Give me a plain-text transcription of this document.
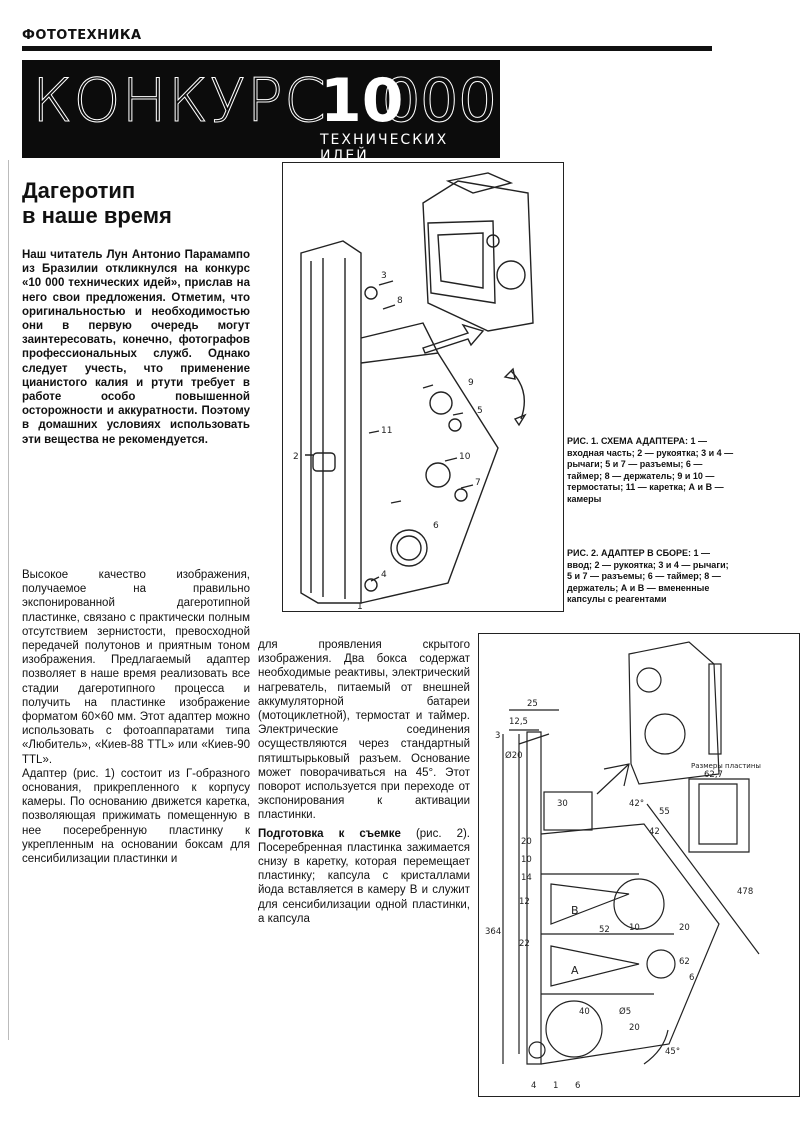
ФОТОТЕХНИКА
КОНКУРС
10
000
ТЕХНИЧЕСКИХ ИДЕЙ
Дагеротип
в наше время

Наш читатель Лун Антонио Парамампо из Бразилии откликнулся на конкурс «10 000 технических идей», прислав на него свои предложения. Отметим, что оригинальностью и необходимостью они в первую очередь могут заинтересовать, конечно, фотографов профессиональных служб. Однако следует учесть, что применение цианистого калия и ртути требует в работе особо повышенной осторожности и аккуратности. Поэтому в домашних условиях использовать эти вещества не рекомендуется.

Высокое качество изображения, получаемое на правильно экспонированной дагеротипной пластинке, связано с практически полным отсутствием зернистости, превосходной передачей полутонов и приятным тоном изображения. Предлагаемый адаптер позволяет в наше время реализовать все стадии дагеротипного процесса и получить на пластинке изображение форматом 60×60 мм. Этот адаптер можно использовать с фотоаппаратами типа «Любитель», «Киев-88 TTL» или «Киев-90 TTL».
Адаптер (рис. 1) состоит из Г-образного основания, прикрепленного к корпусу камеры. По основанию движется каретка, позволяющая прижимать помещенную в нее посеребренную пластинку к укрепленным на основании боксам для сенсибилизации пластинки и

для проявления скрытого изображения. Два бокса содержат необходимые реактивы, электрический нагреватель, питаемый от внешней аккумуляторной батареи (мотоциклетной), термостат и таймер. Электрические соединения осуществляются через стандартный пятиштырьковый разъем. Основание может поворачиваться на 45°. Этот поворот используется при переходе от экспонирования к активации пластинки.

Подготовка к съемке (рис. 2). Посеребренная пластинка зажимается снизу в каретку, которая перемещает пластинку; капсула с кристаллами йода вставляется в камеру В и служит для сенсибилизации одной пластинки, а капсула

3
8
9
5
10
7
2
11
6
4
1
РИС. 1. СХЕМА АДАПТЕРА: 1 — входная часть; 2 — рукоятка; 3 и 4 — рычаги; 5 и 7 — разъемы; 6 — таймер; 8 — держатель; 9 и 10 — термостаты; 11 — каретка; А и В — камеры
РИС. 2. АДАПТЕР В СБОРЕ: 1 — ввод; 2 — рукоятка; 3 и 4 — рычаги; 5 и 7 — разъемы; 6 — таймер; 8 — держатель; А и В — вмененные капсулы с реагентами
25
12,5
3
Ø20
30
55
42°
42
62,7
20
10
14
52 10
12
20
22
478
364
62
6
Ø5
20
40
45°
Размеры пластины
В
А
4 1 6
